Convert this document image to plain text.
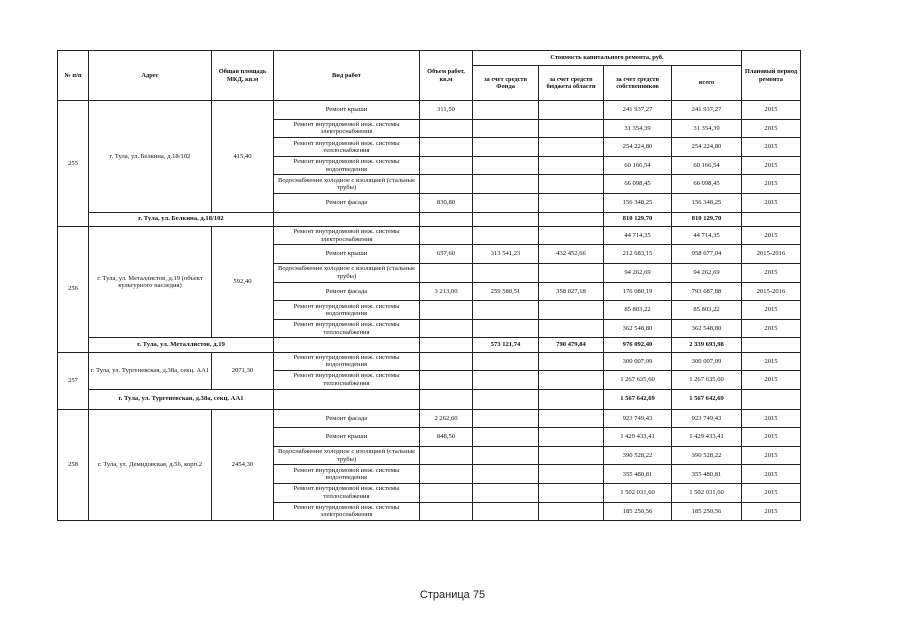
№ п/п	Адрес	Общая площадь МКД, кв.м	Вид работ	Объем работ, кв.м	Стоимость капитального ремонта, руб.				Плановый период ремонта
					за счет средств Фонда	за счет средств бюджета области	за счет средств собственников	всего	
255	г. Тула, ул. Белкина, д.18/102	415,40	Ремонт крыши	311,50			241 937,27	241 937,27	2015
			Ремонт внутридомовой инж. системы электроснабжения				31 354,39	31 354,39	2015
			Ремонт внутридомовой инж. системы теплоснабжения				254 224,80	254 224,80	2015
			Ремонт внутридомовой инж. системы водоотведения				60 166,54	60 166,54	2015
			Водоснабжение холодное с изоляцией (стальные трубы)				66 098,45	66 098,45	2015
			Ремонт фасада	830,80			156 348,25	156 348,25	2015
	г. Тула, ул. Белкина, д.18/102						810 129,70	810 129,70	
256	г. Тула, ул. Металлистов, д.19 (объект культурного наследия)	592,40	Ремонт внутридомовой инж. системы электроснабжения				44 714,35	44 714,35	2015
			Ремонт крыши	657,60	313 541,23	432 452,66	212 683,15	958 677,04	2015-2016
			Водоснабжение холодное с изоляцией (стальные трубы)				94 262,69	94 262,69	2015
			Ремонт фасада	3 213,00	259 580,51	358 027,18	176 080,19	793 687,88	2015-2016
			Ремонт внутридомовой инж. системы водоотведения				85 803,22	85 803,22	2015
			Ремонт внутридомовой инж. системы теплоснабжения				362 548,80	362 548,80	2015
	г. Тула, ул. Металлистов, д.19				573 121,74	790 479,84	976 092,40	2 339 693,98	
257	г. Тула, ул. Тургеневская, д.38а, секц. АА1	2071,30	Ремонт внутридомовой инж. системы водоотведения				300 007,09	300 007,09	2015
			Ремонт внутридомовой инж. системы теплоснабжения				1 267 635,60	1 267 635,60	2015
	г. Тула, ул. Тургеневская, д.38а, секц. АА1						1 567 642,69	1 567 642,69	
258	г. Тула, ул. Демидовская, д.56, корп.2	2454,30	Ремонт фасада	2 262,60			923 749,43	923 749,43	2015
			Ремонт крыши	848,50			1 429 433,41	1 429 433,41	2015
			Водоснабжение холодное с изоляцией (стальные трубы)				390 528,22	390 528,22	2015
			Ремонт внутридомовой инж. системы водоотведения				355 480,81	355 480,81	2015
			Ремонт внутридомовой инж. системы теплоснабжения				1 502 031,60	1 502 031,60	2015
			Ремонт внутридомовой инж. системы электроснабжения				185 250,56	185 250,56	2015
Страница 75
